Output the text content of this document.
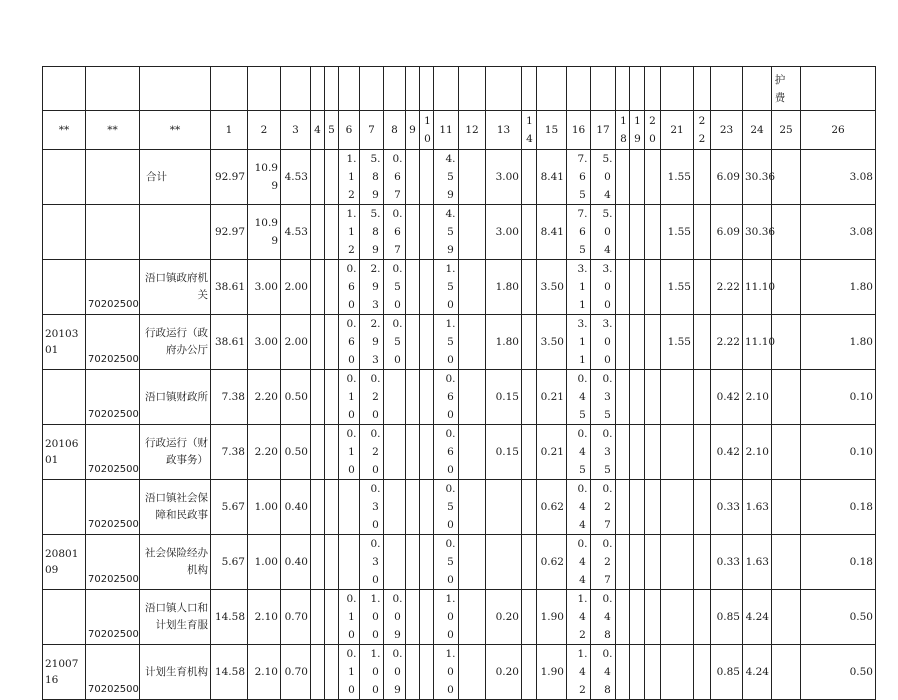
																											护费	
**	**	**	1	2	3	4	5	6	7	8	9	10	11	12	13	14	15	16	17	18	19	20	21	22	23	24	25	26
		合计	92.97	10.99	4.53			1.12	5.89	0.67			4.59		3.00		8.41	7.65	5.04				1.55		6.09	30.36		3.08
			92.97	10.99	4.53			1.12	5.89	0.67			4.59		3.00		8.41	7.65	5.04				1.55		6.09	30.36		3.08
	70202500	浯口镇政府机关	38.61	3.00	2.00			0.60	2.93	0.50			1.50		1.80		3.50	3.11	3.00				1.55		2.22	11.10		1.80
2010301	70202500	行政运行（政府办公厅	38.61	3.00	2.00			0.60	2.93	0.50			1.50		1.80		3.50	3.11	3.00				1.55		2.22	11.10		1.80
	70202500	浯口镇财政所	7.38	2.20	0.50			0.10	0.20				0.60		0.15		0.21	0.45	0.35						0.42	2.10		0.10
2010601	70202500	行政运行（财政事务）	7.38	2.20	0.50			0.10	0.20				0.60		0.15		0.21	0.45	0.35						0.42	2.10		0.10
	70202500	浯口镇社会保障和民政事	5.67	1.00	0.40				0.30				0.50				0.62	0.44	0.27						0.33	1.63		0.18
2080109	70202500	社会保险经办机构	5.67	1.00	0.40				0.30				0.50				0.62	0.44	0.27						0.33	1.63		0.18
	70202500	浯口镇人口和计划生育服	14.58	2.10	0.70			0.10	1.00	0.09			1.00		0.20		1.90	1.42	0.48						0.85	4.24		0.50
2100716	70202500	计划生育机构	14.58	2.10	0.70			0.10	1.00	0.09			1.00		0.20		1.90	1.42	0.48						0.85	4.24		0.50
